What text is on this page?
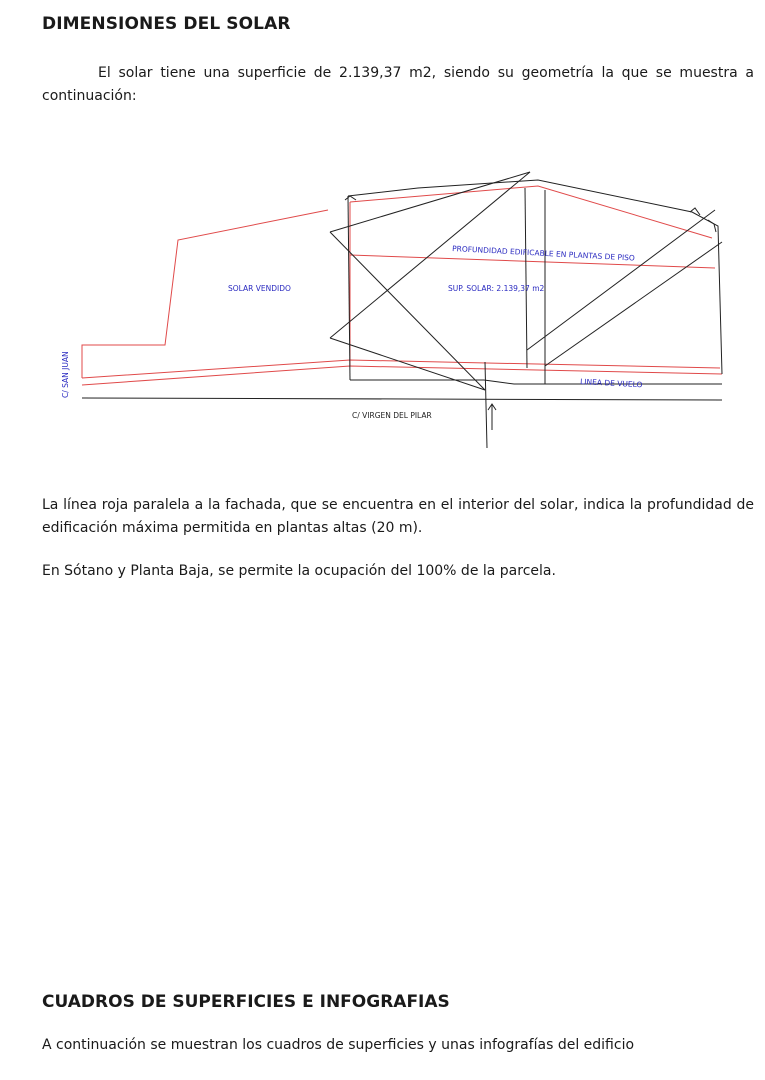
DIMENSIONES DEL SOLAR
El solar tiene una superficie de 2.139,37 m2, siendo su geometría la que se muestra a continuación:
SOLAR VENDIDO
PROFUNDIDAD EDIFICABLE EN PLANTAS DE PISO
SUP. SOLAR: 2.139,37 m2
LINEA DE VUELO
C/ SAN JUAN
C/ VIRGEN DEL PILAR
La línea roja paralela a la fachada, que se encuentra en el interior del solar, indica la profundidad de edificación máxima permitida en plantas altas (20 m).
En Sótano y Planta Baja, se permite la ocupación del 100% de la parcela.
CUADROS DE SUPERFICIES E INFOGRAFIAS
A continuación se muestran los cuadros de superficies y unas infografías del edificio
